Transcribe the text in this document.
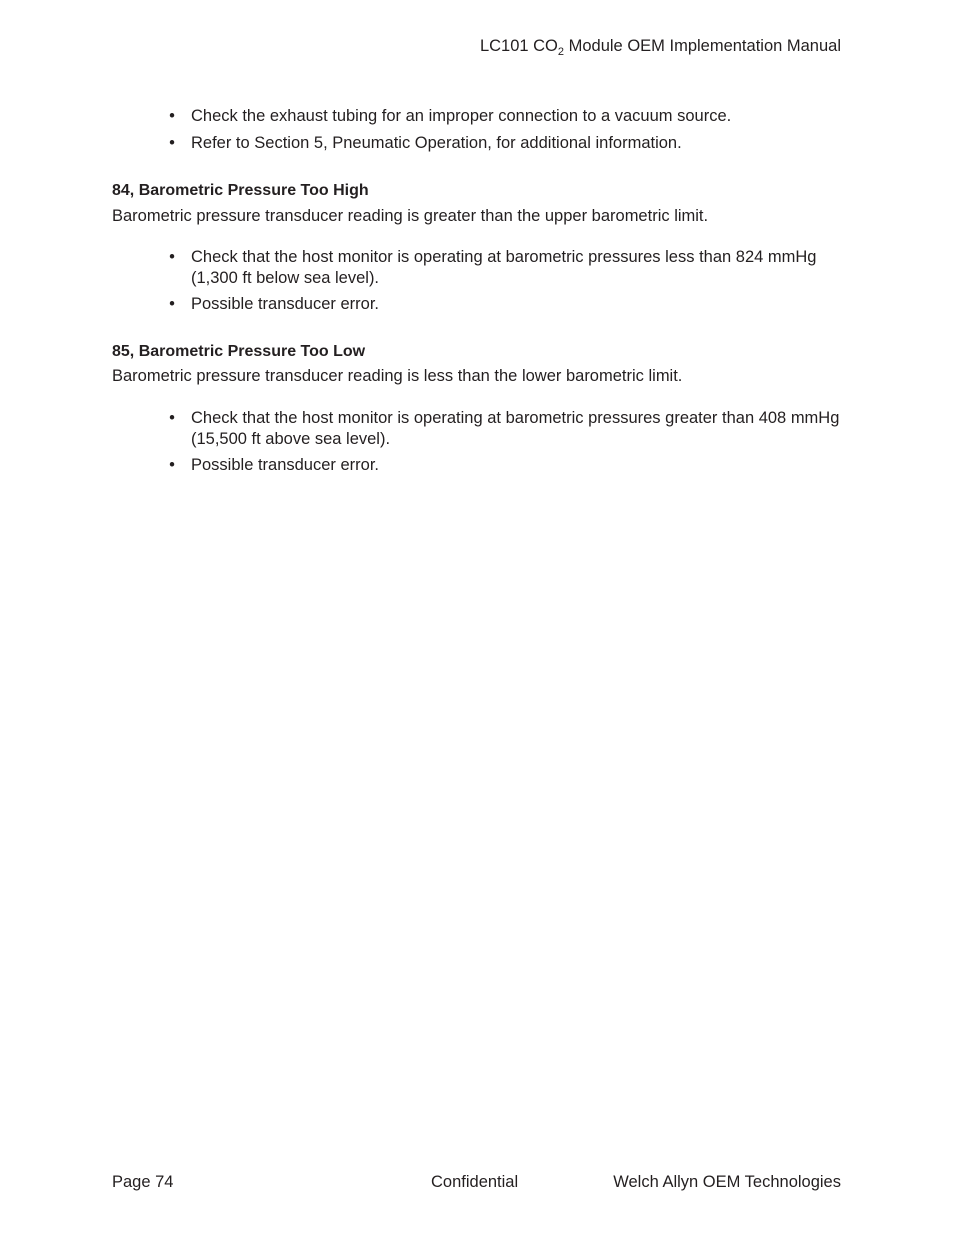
LC101 $CO_2$ Module OEM Implementation Manual
• Check the exhaust tubing for an improper connection to a vacuum source.
• Refer to Section 5, Pneumatic Operation, for additional information.
84, Barometric Pressure Too High
Barometric pressure transducer reading is greater than the upper barometric limit.
• Check that the host monitor is operating at barometric pressures less than 824 mmHg (1,300 ft below sea level).
• Possible transducer error.
85, Barometric Pressure Too Low
Barometric pressure transducer reading is less than the lower barometric limit.
• Check that the host monitor is operating at barometric pressures greater than 408 mmHg (15,500 ft above sea level).
• Possible transducer error.
Page 74	Confidential	Welch Allyn OEM Technologies
